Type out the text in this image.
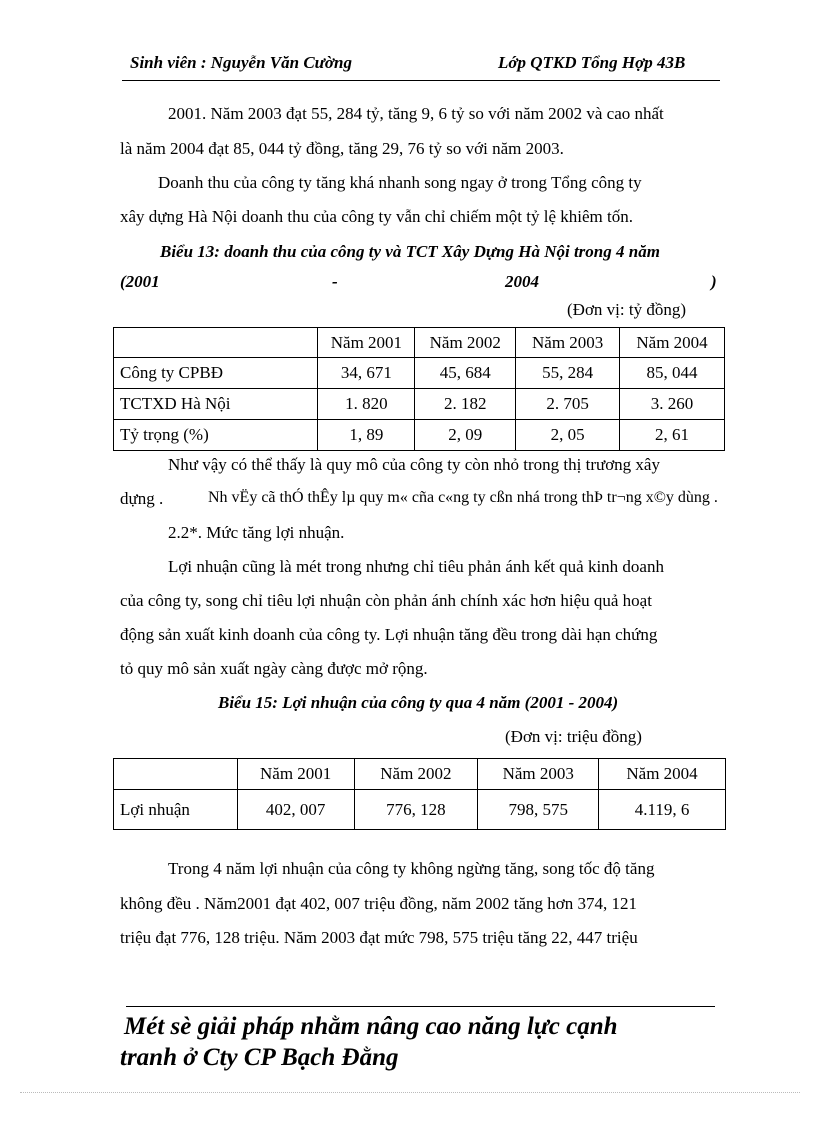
Sinh viên : Nguyễn Văn Cường	Lớp QTKD Tổng Hợp 43B
2001. Năm 2003 đạt 55, 284 tỷ, tăng 9, 6 tỷ so với năm 2002 và cao nhất
là năm 2004 đạt 85, 044 tỷ đồng, tăng 29, 76 tỷ so với năm 2003.
Doanh thu của công ty tăng khá nhanh song ngay ở trong Tổng công ty
xây dựng Hà Nội doanh thu của công ty vẫn chỉ chiếm một tỷ lệ khiêm tốn.
Biểu 13: doanh thu của công ty và TCT Xây Dựng Hà Nội trong 4 năm
(2001	-	2004	)
(Đơn vị: tỷ đồng)
	Năm 2001	Năm 2002	Năm 2003	Năm 2004
Công ty CPBĐ	34, 671	45, 684	55, 284	85, 044
TCTXD Hà Nội	1. 820	2. 182	2. 705	3. 260
Tỷ trọng (%)	1, 89	2, 09	2, 05	2, 61
Như vậy có thể thấy là quy mô của công ty còn nhỏ trong thị trương xây
dựng .	Nh vËy cã thÓ thÊy lµ quy m« cña c«ng ty cßn nhá trong thÞ tr¬ng x©y dùng .
2.2*. Mức tăng lợi nhuận.
Lợi nhuận cũng là mét trong nhưng chỉ tiêu phản ánh kết quả kinh doanh
của công ty, song chỉ tiêu lợi nhuận còn phản ánh chính xác hơn hiệu quả hoạt
động sản xuất kinh doanh của công ty. Lợi nhuận tăng đều trong dài hạn chứng
tỏ quy mô sản xuất ngày càng được mở rộng.
Biểu 15: Lợi nhuận của công ty qua 4 năm (2001 - 2004)
(Đơn vị: triệu đồng)
	Năm 2001	Năm 2002	Năm 2003	Năm 2004
Lợi nhuận	402, 007	776, 128	798, 575	4.119, 6
Trong 4 năm lợi nhuận của công ty không ngừng tăng, song tốc độ tăng
không đều . Năm2001 đạt 402, 007 triệu đồng, năm 2002 tăng hơn 374, 121
triệu đạt 776, 128 triệu. Năm 2003 đạt mức 798, 575 triệu tăng 22, 447 triệu
Mét sè giải pháp nhằm nâng cao năng lực cạnh
tranh ở Cty CP Bạch Đằng
